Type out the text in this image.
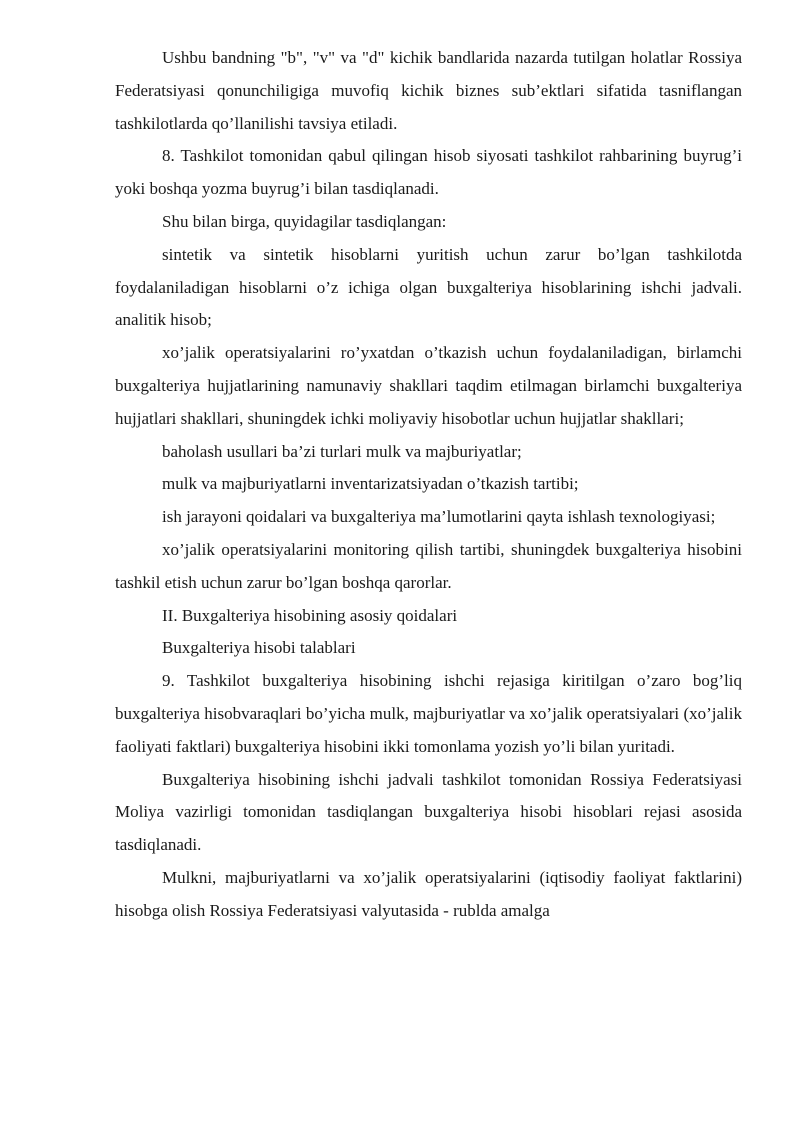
Ushbu bandning "b", "v" va "d" kichik bandlarida nazarda tutilgan holatlar Rossiya Federatsiyasi qonunchiligiga muvofiq kichik biznes sub’ektlari sifatida tasniflangan tashkilotlarda qo’llanilishi tavsiya etiladi.

8. Tashkilot tomonidan qabul qilingan hisob siyosati tashkilot rahbarining buyrug’i yoki boshqa yozma buyrug’i bilan tasdiqlanadi.

Shu bilan birga, quyidagilar tasdiqlangan:

sintetik va sintetik hisoblarni yuritish uchun zarur bo’lgan tashkilotda foydalaniladigan hisoblarni o’z ichiga olgan buxgalteriya hisoblarining ishchi jadvali. analitik hisob;

xo’jalik operatsiyalarini ro’yxatdan o’tkazish uchun foydalaniladigan, birlamchi buxgalteriya hujjatlarining namunaviy shakllari taqdim etilmagan birlamchi buxgalteriya hujjatlari shakllari, shuningdek ichki moliyaviy hisobotlar uchun hujjatlar shakllari;

baholash usullari ba’zi turlari mulk va majburiyatlar;

mulk va majburiyatlarni inventarizatsiyadan o’tkazish tartibi;

ish jarayoni qoidalari va buxgalteriya ma’lumotlarini qayta ishlash texnologiyasi;

xo’jalik operatsiyalarini monitoring qilish tartibi, shuningdek buxgalteriya hisobini tashkil etish uchun zarur bo’lgan boshqa qarorlar.

II. Buxgalteriya hisobining asosiy qoidalari

Buxgalteriya hisobi talablari

9. Tashkilot buxgalteriya hisobining ishchi rejasiga kiritilgan o’zaro bog’liq buxgalteriya hisobvaraqlari bo’yicha mulk, majburiyatlar va xo’jalik operatsiyalari (xo’jalik faoliyati faktlari) buxgalteriya hisobini ikki tomonlama yozish yo’li bilan yuritadi.

Buxgalteriya hisobining ishchi jadvali tashkilot tomonidan Rossiya Federatsiyasi Moliya vazirligi tomonidan tasdiqlangan buxgalteriya hisobi hisoblari rejasi asosida tasdiqlanadi.

Mulkni, majburiyatlarni va xo’jalik operatsiyalarini (iqtisodiy faoliyat faktlarini) hisobga olish Rossiya Federatsiyasi valyutasida - rublda amalga
